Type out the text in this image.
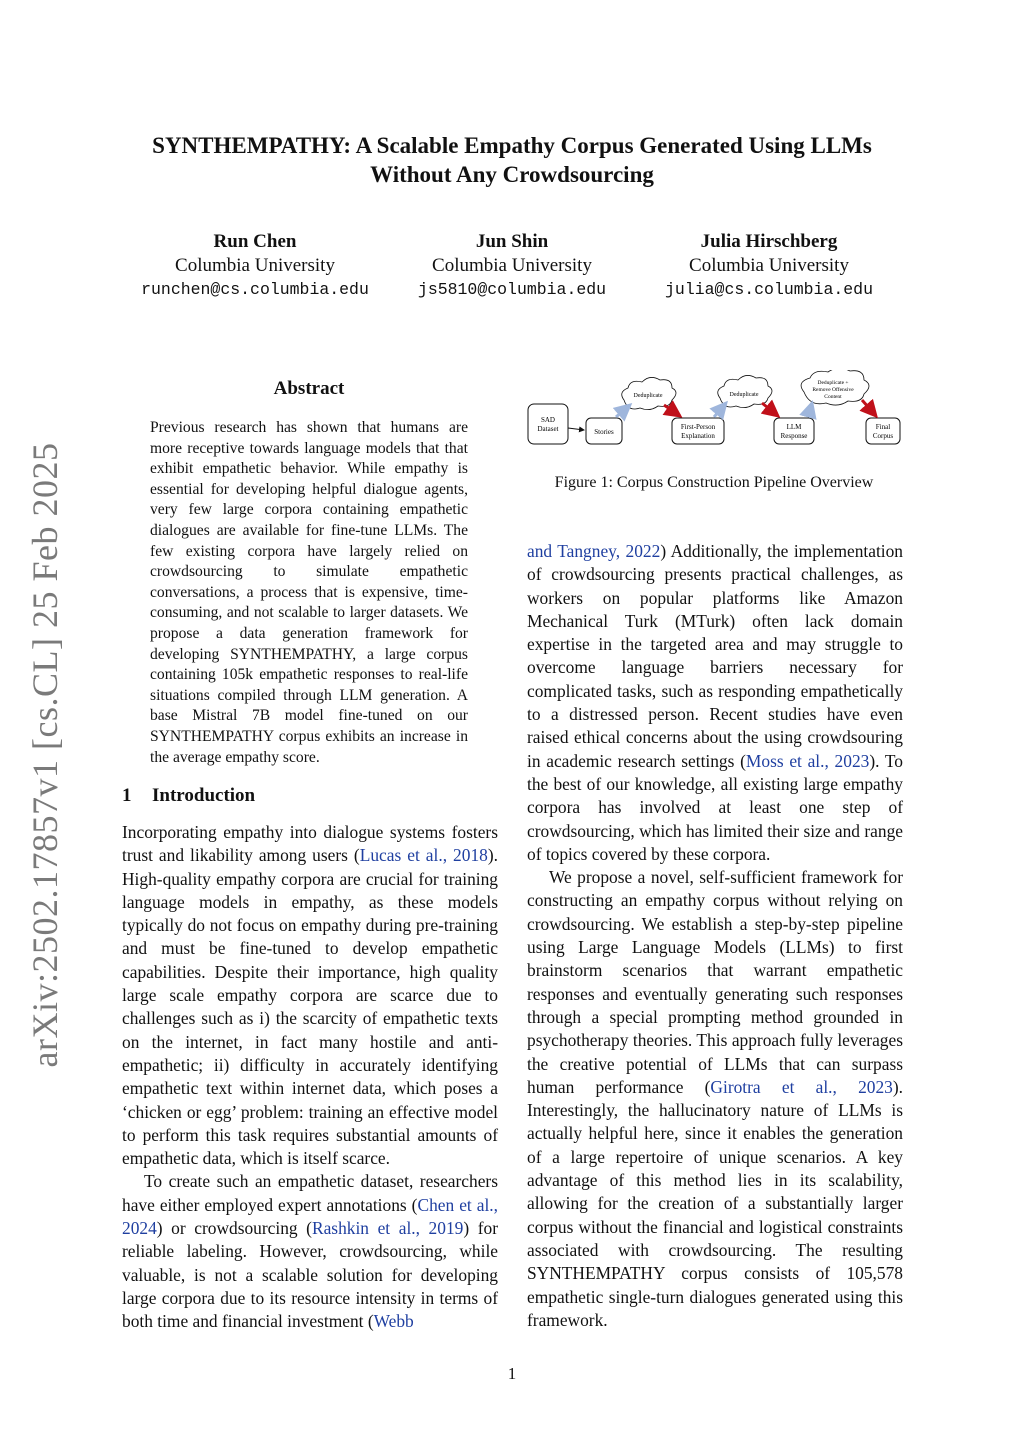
arXiv:2502.17857v1 [cs.CL] 25 Feb 2025
SYNTHEMPATHY: A Scalable Empathy Corpus Generated Using LLMs
Without Any Crowdsourcing
Run Chen
Columbia University
runchen@cs.columbia.edu
Jun Shin
Columbia University
js5810@columbia.edu
Julia Hirschberg
Columbia University
julia@cs.columbia.edu
Abstract
Previous research has shown that humans are more receptive towards language models that that exhibit empathetic behavior. While empathy is essential for developing helpful dialogue agents, very few large corpora containing empathetic dialogues are available for fine-tune LLMs. The few existing corpora have largely relied on crowdsourcing to simulate empathetic conversations, a process that is expensive, time-consuming, and not scalable to larger datasets. We propose a data generation framework for developing SYNTHEMPATHY, a large corpus containing 105k empathetic responses to real-life situations compiled through LLM generation. A base Mistral 7B model fine-tuned on our SYNTHEMPATHY corpus exhibits an increase in the average empathy score.
1 Introduction

Incorporating empathy into dialogue systems fosters trust and likability among users (Lucas et al., 2018). High-quality empathy corpora are crucial for training language models in empathy, as these models typically do not focus on empathy during pre-training and must be fine-tuned to develop empathetic capabilities. Despite their importance, high quality large scale empathy corpora are scarce due to challenges such as i) the scarcity of empathetic texts on the internet, in fact many hostile and anti-empathetic; ii) difficulty in accurately identifying empathetic text within internet data, which poses a ‘chicken or egg’ problem: training an effective model to perform this task requires substantial amounts of empathetic data, which is itself scarce.

To create such an empathetic dataset, researchers have either employed expert annotations (Chen et al., 2024) or crowdsourcing (Rashkin et al., 2019) for reliable labeling. However, crowdsourcing, while valuable, is not a scalable solution for developing large corpora due to its resource intensity in terms of both time and financial investment (Webb

SAD
Dataset	Stories
First-Person
Explanation
LLM
Response
Final
Corpus
Deduplicate	Deduplicate
Deduplicate +
Remove Offensive
Content
Figure 1: Corpus Construction Pipeline Overview

and Tangney, 2022) Additionally, the implementation of crowdsourcing presents practical challenges, as workers on popular platforms like Amazon Mechanical Turk (MTurk) often lack domain expertise in the targeted area and may struggle to overcome language barriers necessary for complicated tasks, such as responding empathetically to a distressed person. Recent studies have even raised ethical concerns about the using crowdsouring in academic research settings (Moss et al., 2023). To the best of our knowledge, all existing large empathy corpora has involved at least one step of crowdsourcing, which has limited their size and range of topics covered by these corpora.

We propose a novel, self-sufficient framework for constructing an empathy corpus without relying on crowdsourcing. We establish a step-by-step pipeline using Large Language Models (LLMs) to first brainstorm scenarios that warrant empathetic responses and eventually generating such responses through a special prompting method grounded in psychotherapy theories. This approach fully leverages the creative potential of LLMs that can surpass human performance (Girotra et al., 2023). Interestingly, the hallucinatory nature of LLMs is actually helpful here, since it enables the generation of a large repertoire of unique scenarios. A key advantage of this method lies in its scalability, allowing for the creation of a substantially larger corpus without the financial and logistical constraints associated with crowdsourcing. The resulting SYNTHEMPATHY corpus consists of 105,578 empathetic single-turn dialogues generated using this framework.

1
